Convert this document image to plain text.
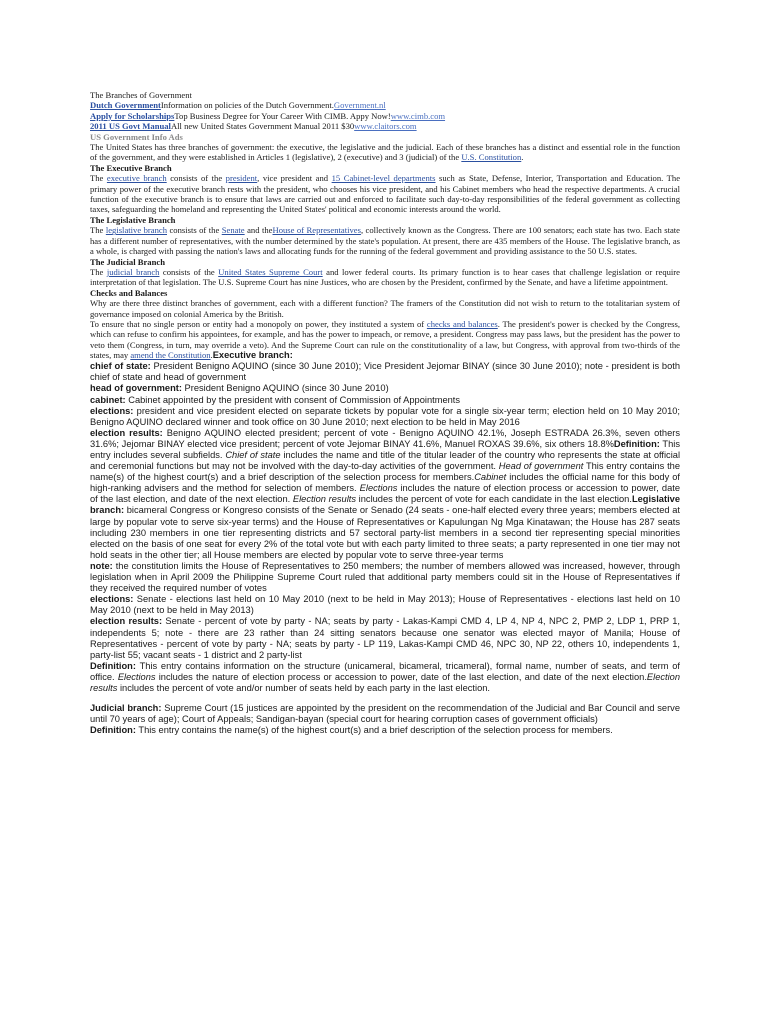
The Branches of Government

Dutch GovernmentInformation on policies of the Dutch Government.Government.nl

Apply for ScholarshipsTop Business Degree for Your Career With CIMB. Appy Now!www.cimb.com

2011 US Govt ManualAll new United States Government Manual 2011 $30www.claitors.com

US Government Info Ads

The United States has three branches of government: the executive, the legislative and the judicial. Each of these branches has a distinct and essential role in the function of the government, and they were established in Articles 1 (legislative), 2 (executive) and 3 (judicial) of the U.S. Constitution.

The Executive Branch

The executive branch consists of the president, vice president and 15 Cabinet-level departments such as State, Defense, Interior, Transportation and Education. The primary power of the executive branch rests with the president, who chooses his vice president, and his Cabinet members who head the respective departments. A crucial function of the executive branch is to ensure that laws are carried out and enforced to facilitate such day-to-day responsibilities of the federal government as collecting taxes, safeguarding the homeland and representing the United States' political and economic interests around the world.

The Legislative Branch

The legislative branch consists of the Senate and theHouse of Representatives, collectively known as the Congress. There are 100 senators; each state has two. Each state has a different number of representatives, with the number determined by the state's population. At present, there are 435 members of the House. The legislative branch, as a whole, is charged with passing the nation's laws and allocating funds for the running of the federal government and providing assistance to the 50 U.S. states.

The Judicial Branch

The judicial branch consists of the United States Supreme Court and lower federal courts. Its primary function is to hear cases that challenge legislation or require interpretation of that legislation. The U.S. Supreme Court has nine Justices, who are chosen by the President, confirmed by the Senate, and have a lifetime appointment.

Checks and Balances

Why are there three distinct branches of government, each with a different function? The framers of the Constitution did not wish to return to the totalitarian system of governance imposed on colonial America by the British.

To ensure that no single person or entity had a monopoly on power, they instituted a system of checks and balances. The president's power is checked by the Congress, which can refuse to confirm his appointees, for example, and has the power to impeach, or remove, a president. Congress may pass laws, but the president has the power to veto them (Congress, in turn, may override a veto). And the Supreme Court can rule on the constitutionality of a law, but Congress, with approval from two-thirds of the states, may amend the Constitution.Executive branch:

chief of state: President Benigno AQUINO (since 30 June 2010); Vice President Jejomar BINAY (since 30 June 2010); note - president is both chief of state and head of government

head of government: President Benigno AQUINO (since 30 June 2010)

cabinet: Cabinet appointed by the president with consent of Commission of Appointments

elections: president and vice president elected on separate tickets by popular vote for a single six-year term; election held on 10 May 2010; Benigno AQUINO declared winner and took office on 30 June 2010; next election to be held in May 2016

election results: Benigno AQUINO elected president; percent of vote - Benigno AQUINO 42.1%, Joseph ESTRADA 26.3%, seven others 31.6%; Jejomar BINAY elected vice president; percent of vote Jejomar BINAY 41.6%, Manuel ROXAS 39.6%, six others 18.8%Definition: This entry includes several subfields. Chief of state includes the name and title of the titular leader of the country who represents the state at official and ceremonial functions but may not be involved with the day-to-day activities of the government. Head of government This entry contains the name(s) of the highest court(s) and a brief description of the selection process for members.Cabinet includes the official name for this body of high-ranking advisers and the method for selection of members. Elections includes the nature of election process or accession to power, date of the last election, and date of the next election. Election results includes the percent of vote for each candidate in the last election.Legislative branch: bicameral Congress or Kongreso consists of the Senate or Senado (24 seats - one-half elected every three years; members elected at large by popular vote to serve six-year terms) and the House of Representatives or Kapulungan Ng Mga Kinatawan; the House has 287 seats including 230 members in one tier representing districts and 57 sectoral party-list members in a second tier representing special minorities elected on the basis of one seat for every 2% of the total vote but with each party limited to three seats; a party represented in one tier may not hold seats in the other tier; all House members are elected by popular vote to serve three-year terms

note: the constitution limits the House of Representatives to 250 members; the number of members allowed was increased, however, through legislation when in April 2009 the Philippine Supreme Court ruled that additional party members could sit in the House of Representatives if they received the required number of votes

elections: Senate - elections last held on 10 May 2010 (next to be held in May 2013); House of Representatives - elections last held on 10 May 2010 (next to be held in May 2013)

election results: Senate - percent of vote by party - NA; seats by party - Lakas-Kampi CMD 4, LP 4, NP 4, NPC 2, PMP 2, LDP 1, PRP 1, independents 5; note - there are 23 rather than 24 sitting senators because one senator was elected mayor of Manila; House of Representatives - percent of vote by party - NA; seats by party - LP 119, Lakas-Kampi CMD 46, NPC 30, NP 22, others 10, independents 1, party-list 55; vacant seats - 1 district and 2 party-list

Definition: This entry contains information on the structure (unicameral, bicameral, tricameral), formal name, number of seats, and term of office. Elections includes the nature of election process or accession to power, date of the last election, and date of the next election.Election results includes the percent of vote and/or number of seats held by each party in the last election.

Judicial branch: Supreme Court (15 justices are appointed by the president on the recommendation of the Judicial and Bar Council and serve until 70 years of age); Court of Appeals; Sandigan-bayan (special court for hearing corruption cases of government officials)

Definition: This entry contains the name(s) of the highest court(s) and a brief description of the selection process for members.
